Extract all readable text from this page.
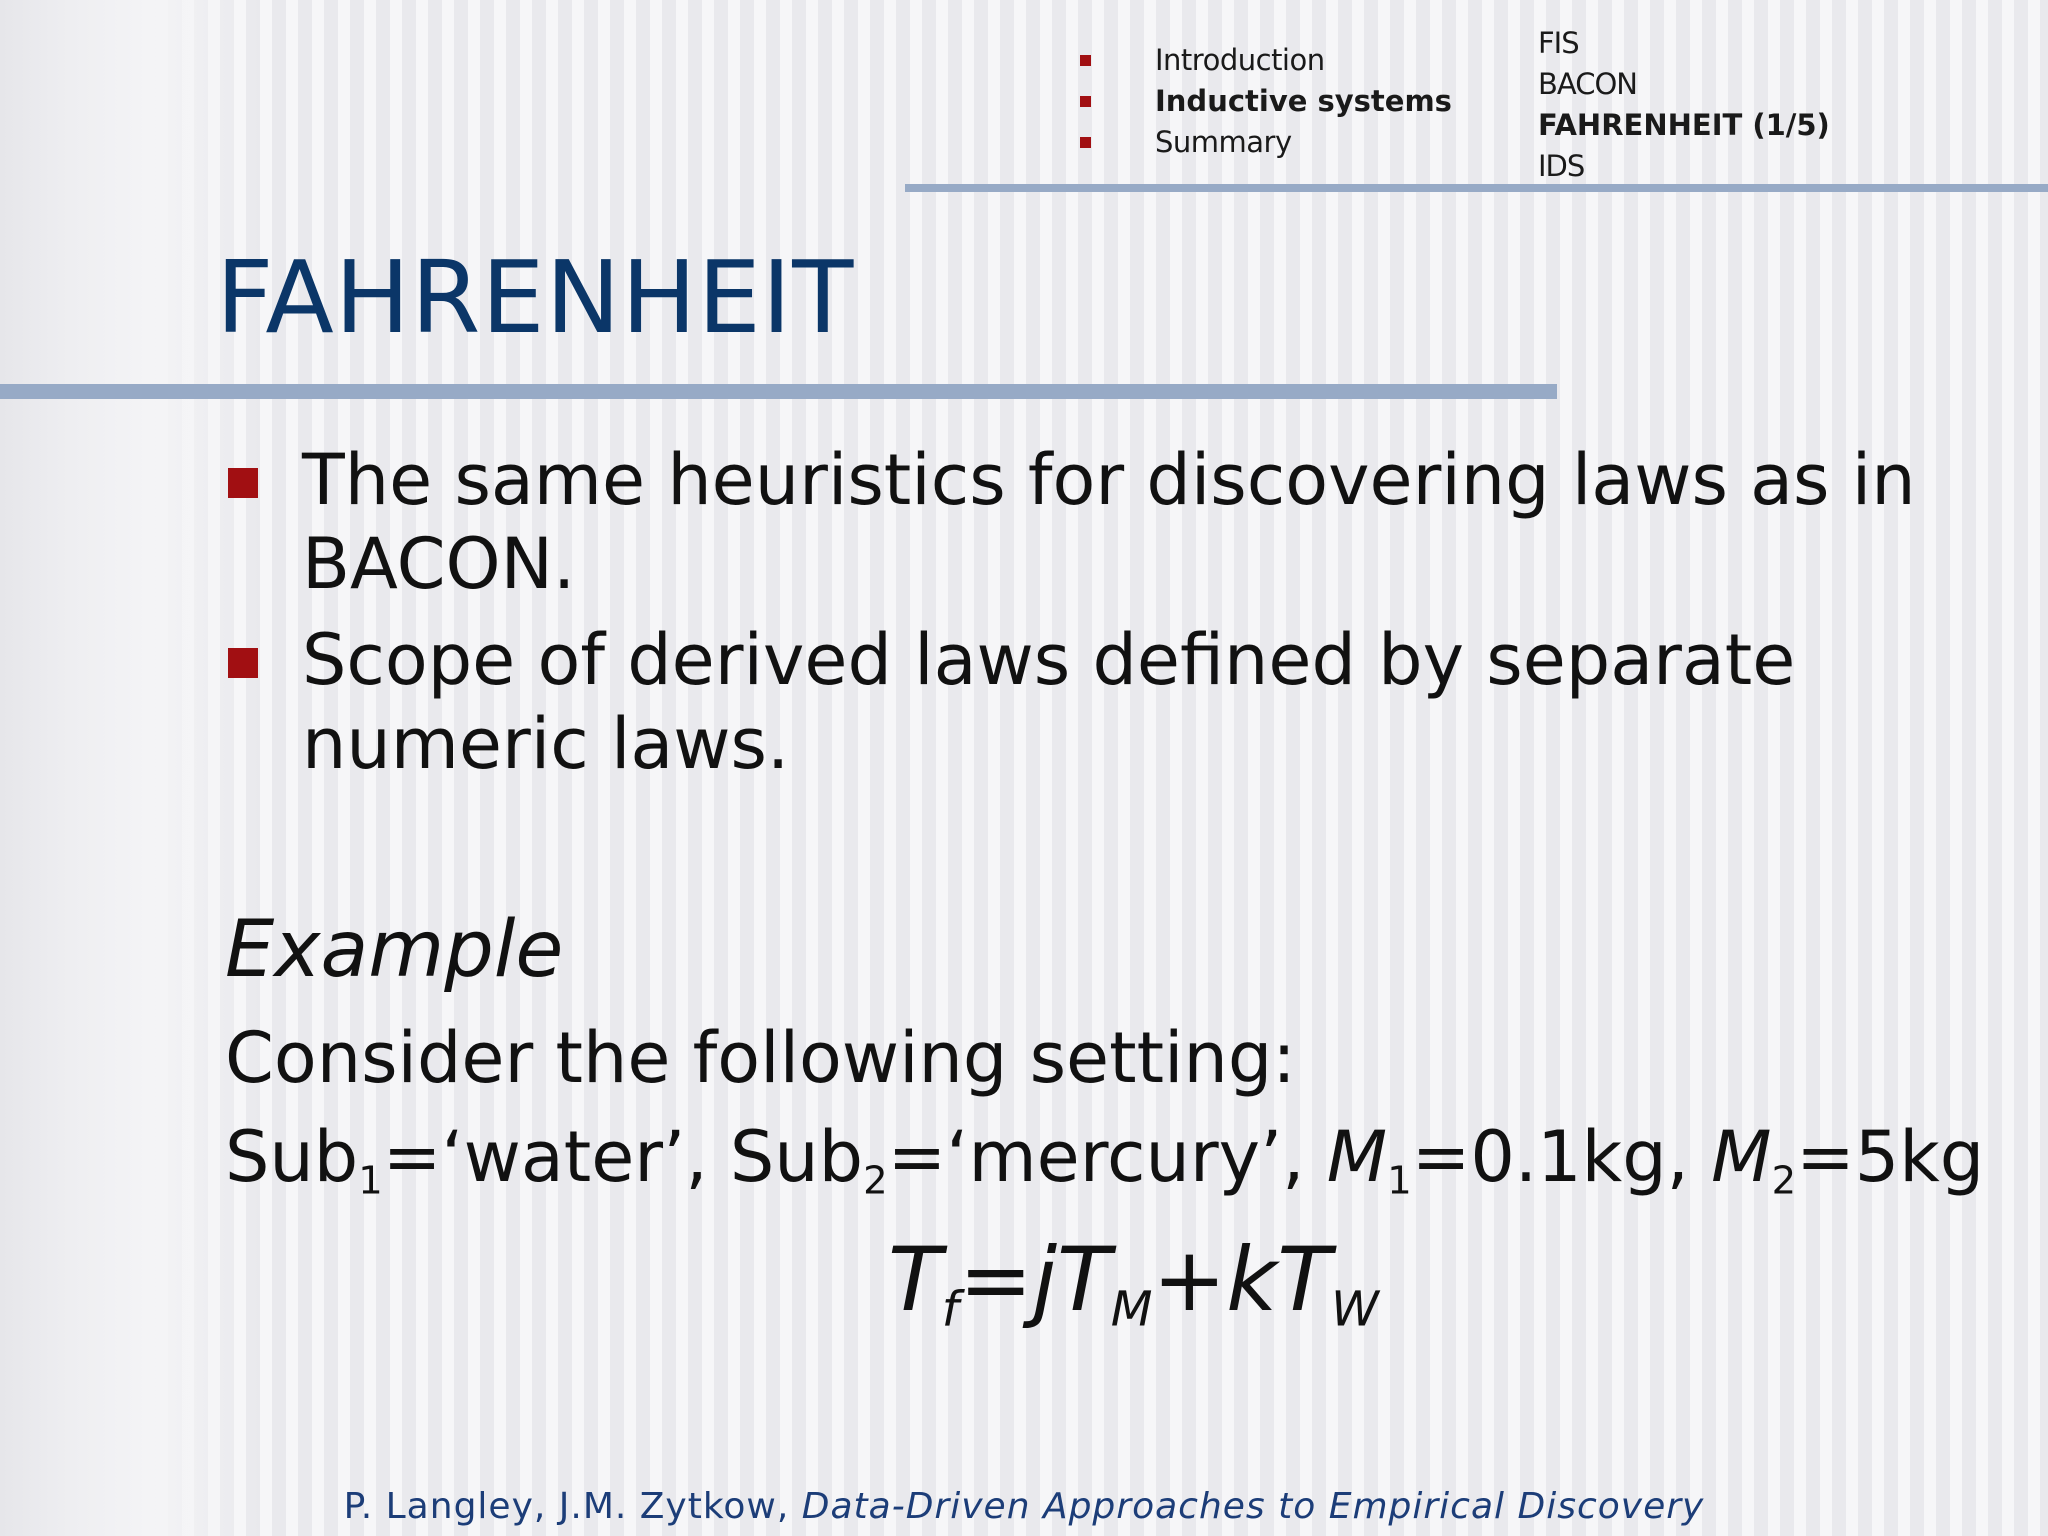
Introduction
Inductive systems
Summary
FIS
BACON
FAHRENHEIT (1/5)
IDS
FAHRENHEIT
The same heuristics for discovering laws as in BACON.
Scope of derived laws defined by separate numeric laws.
Example
Consider the following setting:
Sub$_1$=‘water’, Sub$_2$=‘mercury’, $M_1=0.1kg$, $M_2=5kg$
$T_f=jT_M+kT_W$
P. Langley, J.M. Zytkow, Data-Driven Approaches to Empirical Discovery
